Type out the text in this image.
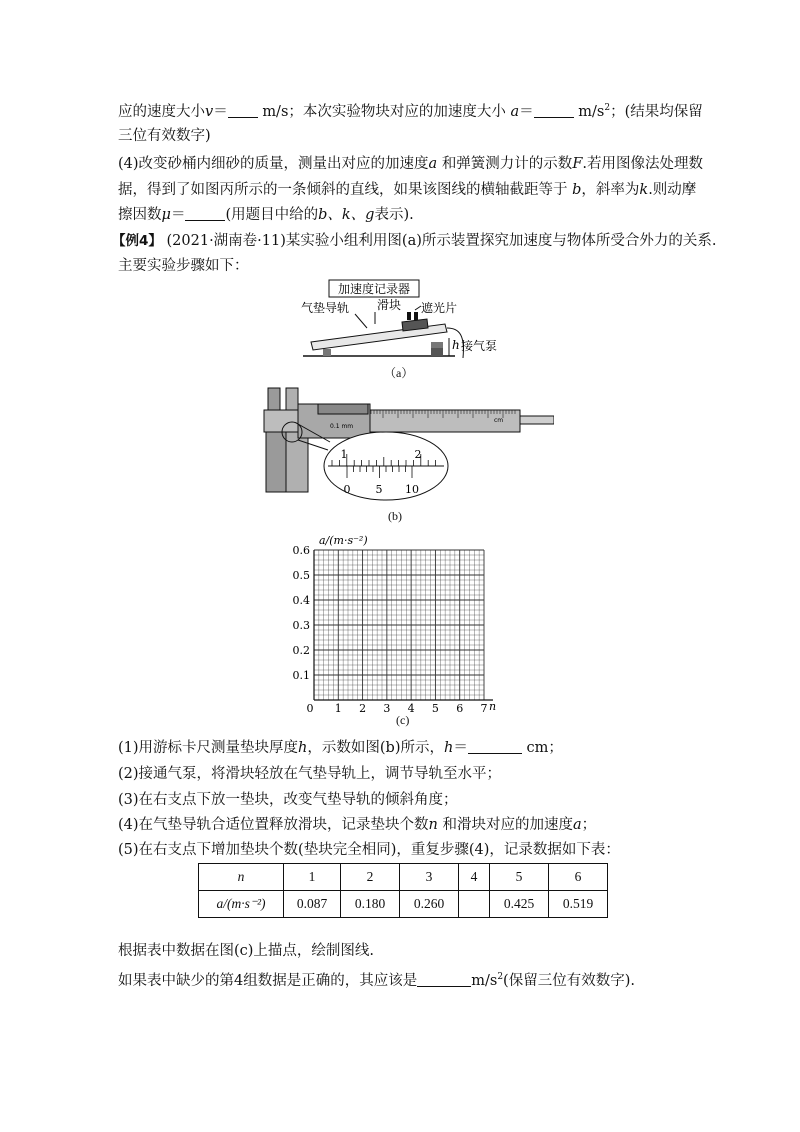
应的速度大小v＝ m/s；本次实验物块对应的加速度大小 a＝	$m/s^2$；(结果均保留
三位有效数字)
(4)改变砂桶内细砂的质量，测量出对应的加速度a 和弹簧测力计的示数F.若用图像法处理数
据，得到了如图丙所示的一条倾斜的直线，如果该图线的横轴截距等于 b，斜率为k.则动摩
擦因数μ＝	(用题目中给的b、k、g表示).
【例4】 (2021·湖南卷·11)某实验小组利用图(a)所示装置探究加速度与物体所受合外力的关系.
主要实验步骤如下：
加速度记录器
气垫导轨 滑块 遮光片
h 接气泵
（a）
0.1 mm
cm
1	2
0 5 10
(b)
a/(m·s⁻²)
0.6
0.5
0.4
0.3
0.2
0.1
0 1 2 3 4 5 6 7 n
(c)
(1)用游标卡尺测量垫块厚度h，示数如图(b)所示，h＝	cm；
(2)接通气泵，将滑块轻放在气垫导轨上，调节导轨至水平；
(3)在右支点下放一垫块，改变气垫导轨的倾斜角度；
(4)在气垫导轨合适位置释放滑块，记录垫块个数n 和滑块对应的加速度a；
(5)在右支点下增加垫块个数(垫块完全相同)，重复步骤(4)，记录数据如下表：
n	1	2	3	4	5	6
a/(m·s⁻²)	0.087	0.180	0.260		0.425	0.519
根据表中数据在图(c)上描点，绘制图线.
如果表中缺少的第4组数据是正确的，其应该是	$m/s^2$(保留三位有效数字).
